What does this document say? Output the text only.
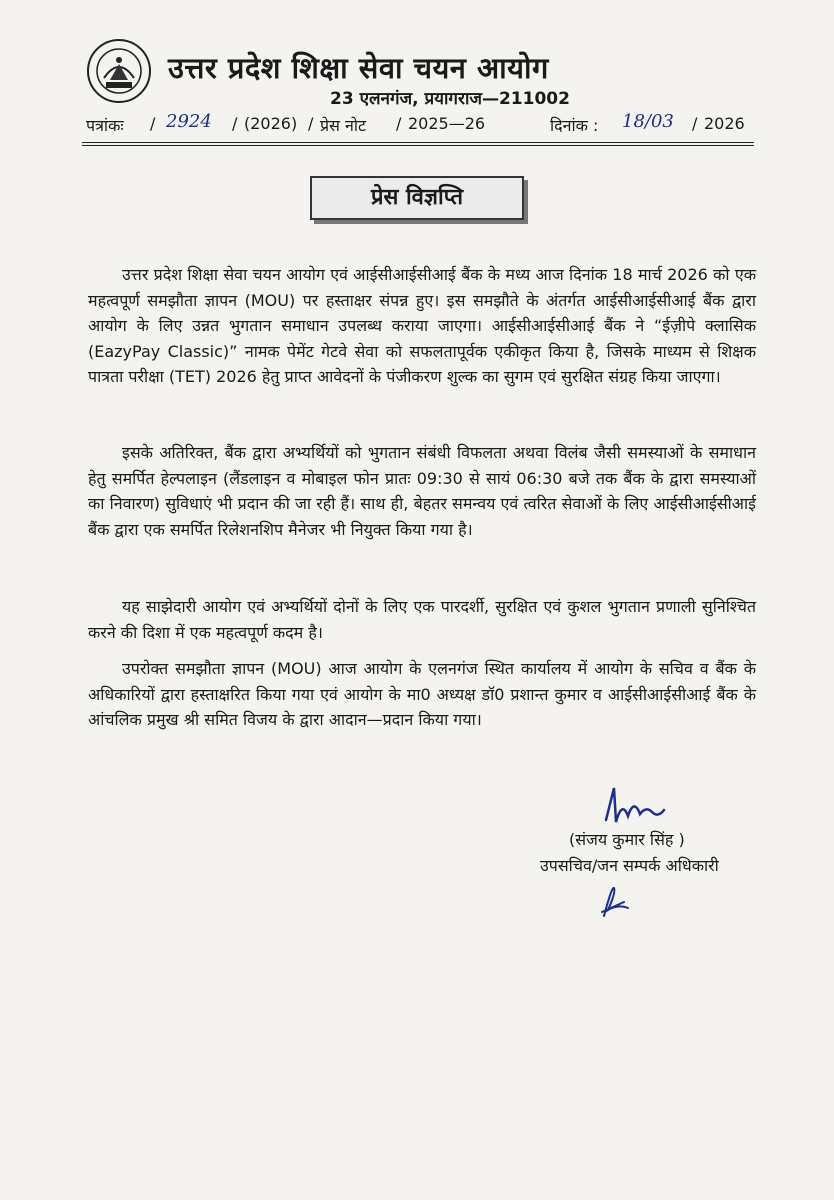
उत्तर प्रदेश शिक्षा सेवा चयन आयोग
23 एलनगंज, प्रयागराज—211002
पत्रांकः / 2924 / (2026) / प्रेस नोट / 2025—26	दिनांक : 18/03 / 2026
प्रेस विज्ञप्ति
उत्तर प्रदेश शिक्षा सेवा चयन आयोग एवं आईसीआईसीआई बैंक के मध्य आज दिनांक 18 मार्च 2026 को एक महत्वपूर्ण समझौता ज्ञापन (MOU) पर हस्ताक्षर संपन्न हुए। इस समझौते के अंतर्गत आईसीआईसीआई बैंक द्वारा आयोग के लिए उन्नत भुगतान समाधान उपलब्ध कराया जाएगा। आईसीआईसीआई बैंक ने “ईज़ीपे क्लासिक (EazyPay Classic)” नामक पेमेंट गेटवे सेवा को सफलतापूर्वक एकीकृत किया है, जिसके माध्यम से शिक्षक पात्रता परीक्षा (TET) 2026 हेतु प्राप्त आवेदनों के पंजीकरण शुल्क का सुगम एवं सुरक्षित संग्रह किया जाएगा।
इसके अतिरिक्त, बैंक द्वारा अभ्यर्थियों को भुगतान संबंधी विफलता अथवा विलंब जैसी समस्याओं के समाधान हेतु समर्पित हेल्पलाइन (लैंडलाइन व मोबाइल फोन प्रातः 09:30 से सायं 06:30 बजे तक बैंक के द्वारा समस्याओं का निवारण) सुविधाएं भी प्रदान की जा रही हैं। साथ ही, बेहतर समन्वय एवं त्वरित सेवाओं के लिए आईसीआईसीआई बैंक द्वारा एक समर्पित रिलेशनशिप मैनेजर भी नियुक्त किया गया है।
यह साझेदारी आयोग एवं अभ्यर्थियों दोनों के लिए एक पारदर्शी, सुरक्षित एवं कुशल भुगतान प्रणाली सुनिश्चित करने की दिशा में एक महत्वपूर्ण कदम है।
उपरोक्त समझौता ज्ञापन (MOU) आज आयोग के एलनगंज स्थित कार्यालय में आयोग के सचिव व बैंक के अधिकारियों द्वारा हस्ताक्षरित किया गया एवं आयोग के मा0 अध्यक्ष डॉ0 प्रशान्त कुमार व आईसीआईसीआई बैंक के आंचलिक प्रमुख श्री समित विजय के द्वारा आदान—प्रदान किया गया।
(संजय कुमार सिंह )
उपसचिव/जन सम्पर्क अधिकारी
